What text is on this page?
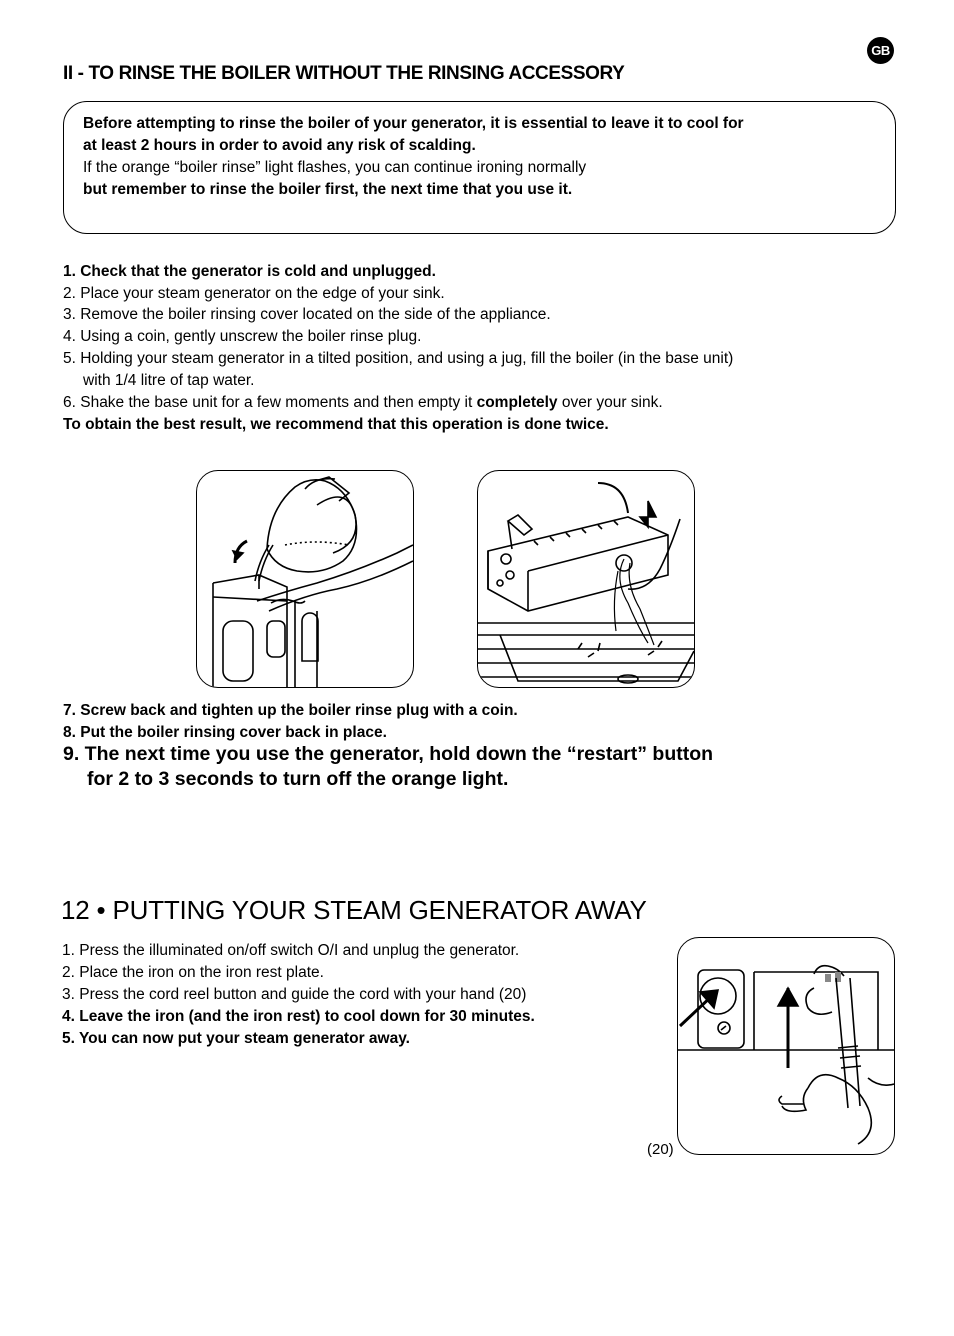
GB
II - TO RINSE THE BOILER WITHOUT THE RINSING ACCESSORY
Before attempting to rinse the boiler of your generator, it is essential to leave it to cool for
at least 2 hours in order to avoid any risk of scalding.
If the orange “boiler rinse” light flashes, you can continue ironing normally
but remember to rinse the boiler first, the next time that you use it.
1. Check that the generator is cold and unplugged.
2. Place your steam generator on the edge of your sink.
3. Remove the boiler rinsing cover located on the side of the appliance.
4. Using a coin, gently unscrew the boiler rinse plug.
5. Holding your steam generator in a tilted position, and using a jug, fill the boiler (in the base unit)
with 1/4 litre of tap water.
6. Shake the base unit for a few moments and then empty it completely over your sink.
To obtain the best result, we recommend that this operation is done twice.
7. Screw back and tighten up the boiler rinse plug with a coin.
8. Put the boiler rinsing cover back in place.
9. The next time you use the generator, hold down the “restart” button
for 2 to 3 seconds to turn off the orange light.
12 • PUTTING YOUR STEAM GENERATOR AWAY
1. Press the illuminated on/off switch O/I and unplug the generator.
2. Place the iron on the iron rest plate.
3. Press the cord reel button and guide the cord with your hand (20)
4. Leave the iron (and the iron rest) to cool down for 30 minutes.
5. You can now put your steam generator away.
(20)
